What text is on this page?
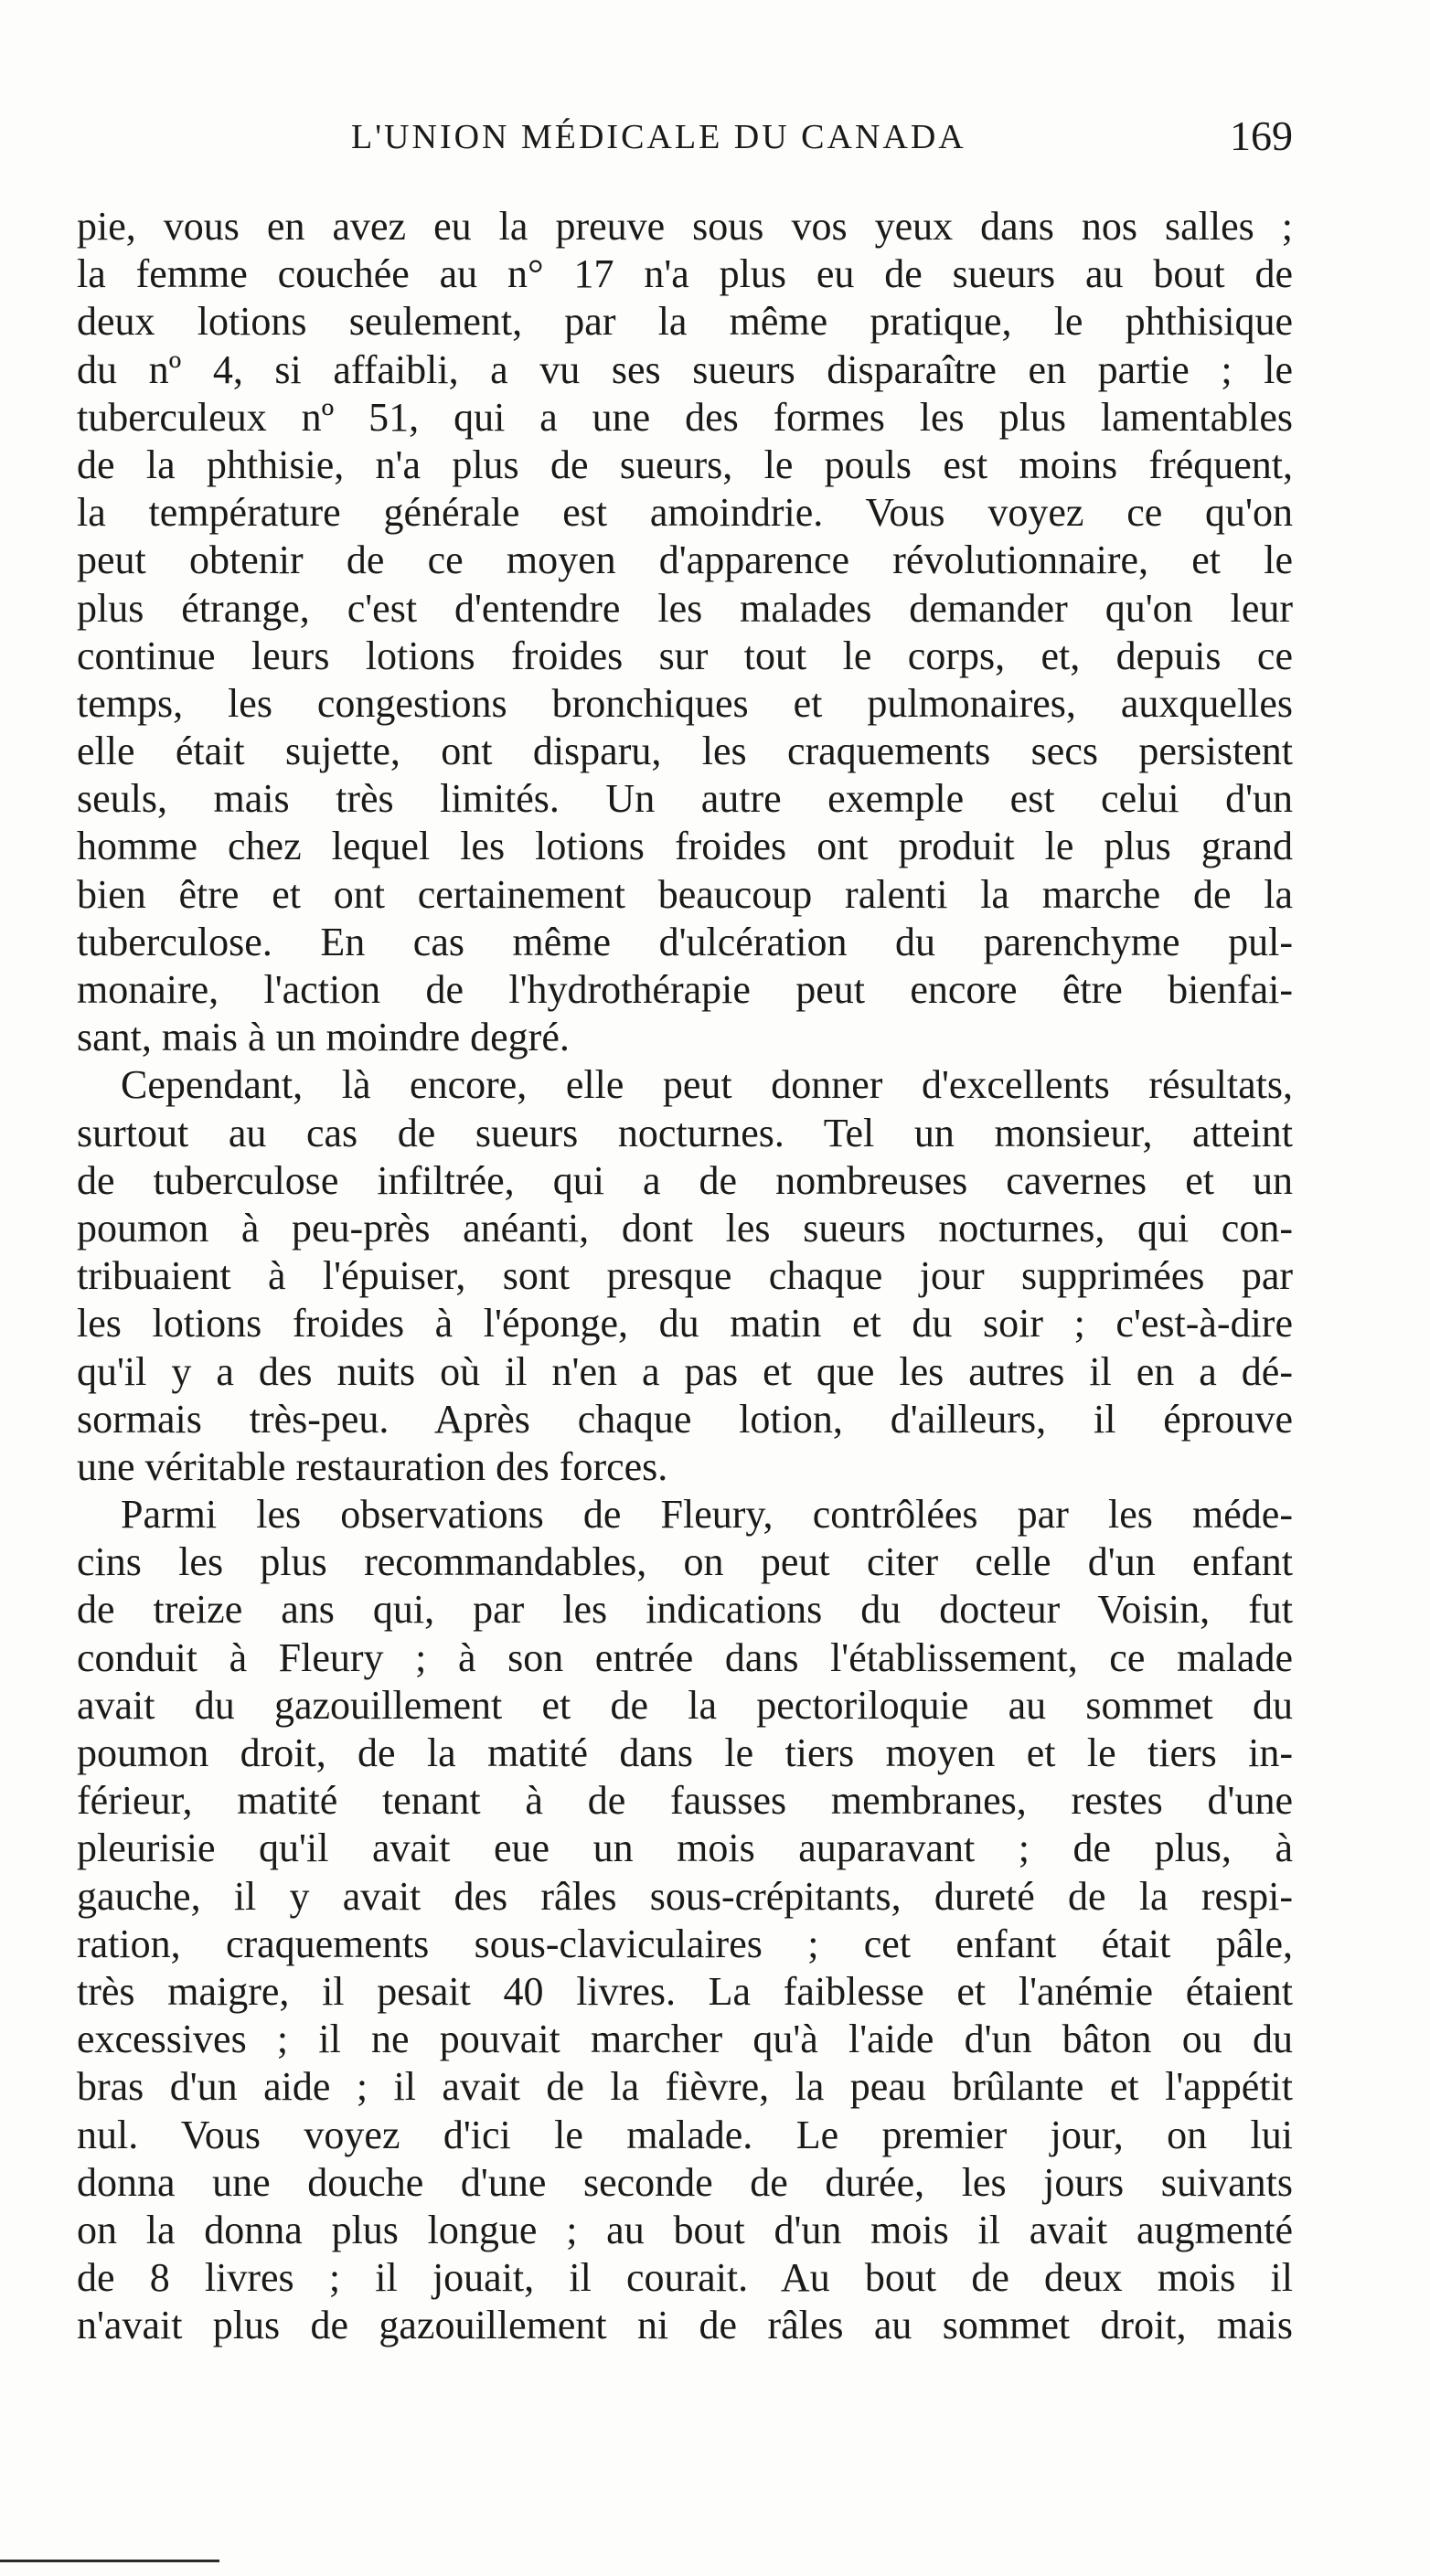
L'UNION MÉDICALE DU CANADA	169
pie, vous en avez eu la preuve sous vos yeux dans nos salles ;
la femme couchée au n° 17 n'a plus eu de sueurs au bout de
deux lotions seulement, par la même pratique, le phthisique
du nº 4, si affaibli, a vu ses sueurs disparaître en partie ; le
tuberculeux nº 51, qui a une des formes les plus lamentables
de la phthisie, n'a plus de sueurs, le pouls est moins fréquent,
la température générale est amoindrie. Vous voyez ce qu'on
peut obtenir de ce moyen d'apparence révolutionnaire, et le
plus étrange, c'est d'entendre les malades demander qu'on leur
continue leurs lotions froides sur tout le corps, et, depuis ce
temps, les congestions bronchiques et pulmonaires, auxquelles
elle était sujette, ont disparu, les craquements secs persistent
seuls, mais très limités. Un autre exemple est celui d'un
homme chez lequel les lotions froides ont produit le plus grand
bien être et ont certainement beaucoup ralenti la marche de la
tuberculose. En cas même d'ulcération du parenchyme pul-
monaire, l'action de l'hydrothérapie peut encore être bienfai-
sant, mais à un moindre degré.
Cependant, là encore, elle peut donner d'excellents résultats,
surtout au cas de sueurs nocturnes. Tel un monsieur, atteint
de tuberculose infiltrée, qui a de nombreuses cavernes et un
poumon à peu-près anéanti, dont les sueurs nocturnes, qui con-
tribuaient à l'épuiser, sont presque chaque jour supprimées par
les lotions froides à l'éponge, du matin et du soir ; c'est-à-dire
qu'il y a des nuits où il n'en a pas et que les autres il en a dé-
sormais très-peu. Après chaque lotion, d'ailleurs, il éprouve
une véritable restauration des forces.
Parmi les observations de Fleury, contrôlées par les méde-
cins les plus recommandables, on peut citer celle d'un enfant
de treize ans qui, par les indications du docteur Voisin, fut
conduit à Fleury ; à son entrée dans l'établissement, ce malade
avait du gazouillement et de la pectoriloquie au sommet du
poumon droit, de la matité dans le tiers moyen et le tiers in-
férieur, matité tenant à de fausses membranes, restes d'une
pleurisie qu'il avait eue un mois auparavant ; de plus, à
gauche, il y avait des râles sous-crépitants, dureté de la respi-
ration, craquements sous-claviculaires ; cet enfant était pâle,
très maigre, il pesait 40 livres. La faiblesse et l'anémie étaient
excessives ; il ne pouvait marcher qu'à l'aide d'un bâton ou du
bras d'un aide ; il avait de la fièvre, la peau brûlante et l'appétit
nul. Vous voyez d'ici le malade. Le premier jour, on lui
donna une douche d'une seconde de durée, les jours suivants
on la donna plus longue ; au bout d'un mois il avait augmenté
de 8 livres ; il jouait, il courait. Au bout de deux mois il
n'avait plus de gazouillement ni de râles au sommet droit, mais
